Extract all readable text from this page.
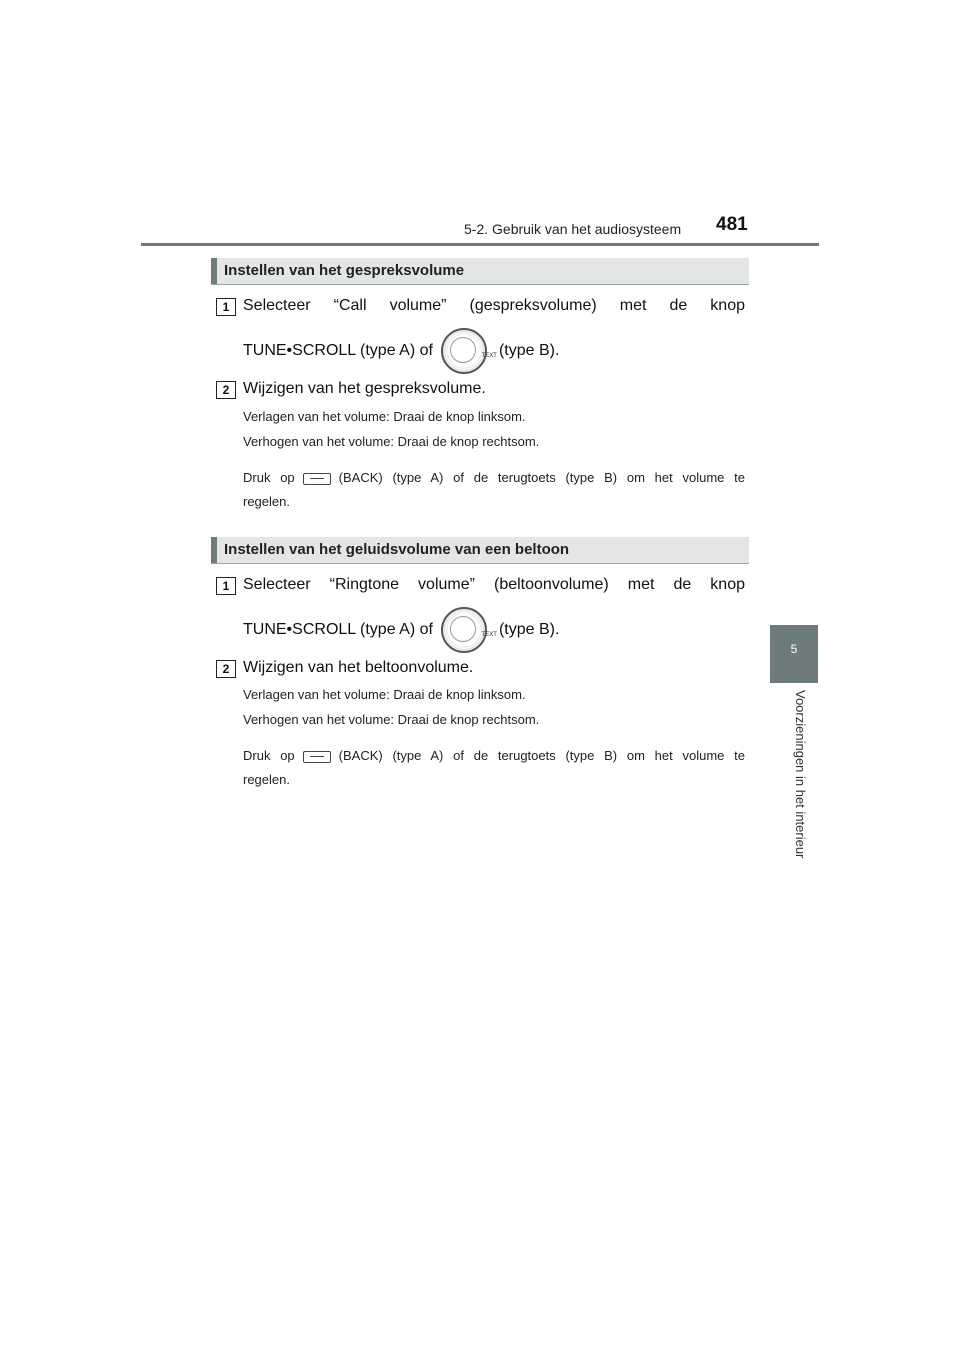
5-2. Gebruik van het audiosysteem 481
5
Voorzieningen in het interieur
Instellen van het gespreksvolume
1 Selecteer “Call volume” (gespreksvolume) met de knop
TUNE•SCROLL (type A) of	TEXT (type B).
2 Wijzigen van het gespreksvolume.
Verlagen van het volume: Draai de knop linksom.
Verhogen van het volume: Draai de knop rechtsom.
Druk op	(BACK) (type A) of de terugtoets (type B) om het volume te
regelen.
Instellen van het geluidsvolume van een beltoon
1 Selecteer “Ringtone volume” (beltoonvolume) met de knop
TUNE•SCROLL (type A) of	TEXT (type B).
2 Wijzigen van het beltoonvolume.
Verlagen van het volume: Draai de knop linksom.
Verhogen van het volume: Draai de knop rechtsom.
Druk op	(BACK) (type A) of de terugtoets (type B) om het volume te
regelen.
